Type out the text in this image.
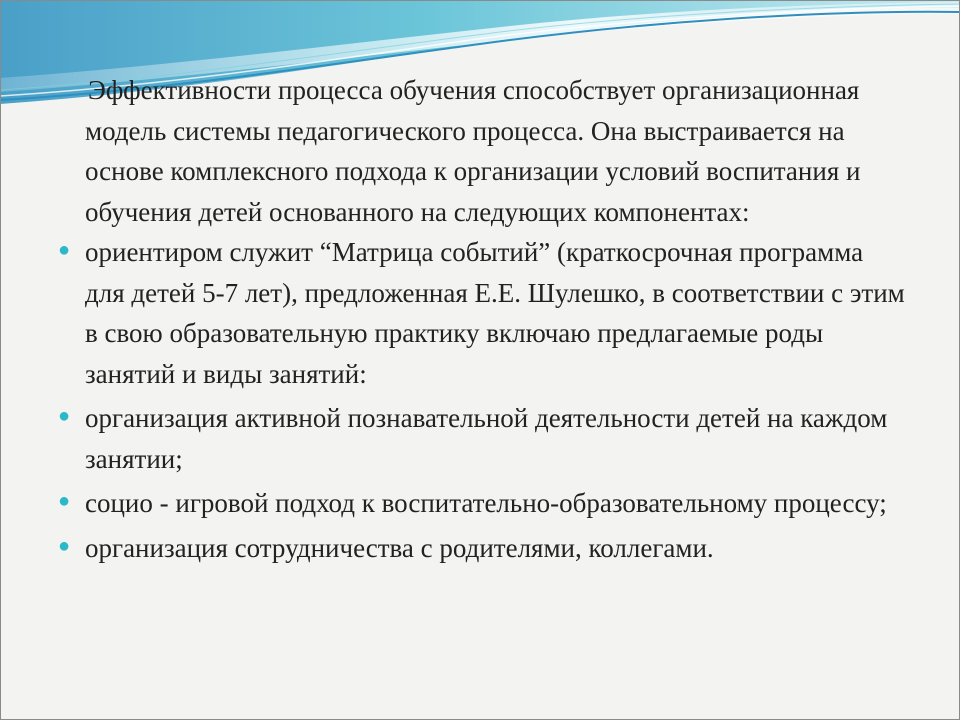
Эффективности процесса обучения способствует организационная модель системы педагогического процесса. Она выстраивается на основе комплексного подхода к организации условий воспитания и обучения детей основанного на следующих компонентах:

● ориентиром служит “Матрица событий” (краткосрочная программа для детей 5-7 лет), предложенная Е.Е. Шулешко, в соответствии с этим в свою образовательную практику включаю предлагаемые роды занятий и виды занятий:
● организация активной познавательной деятельности детей на каждом занятии;
● социо - игровой подход к воспитательно-образовательному процессу;
● организация сотрудничества с родителями, коллегами.
